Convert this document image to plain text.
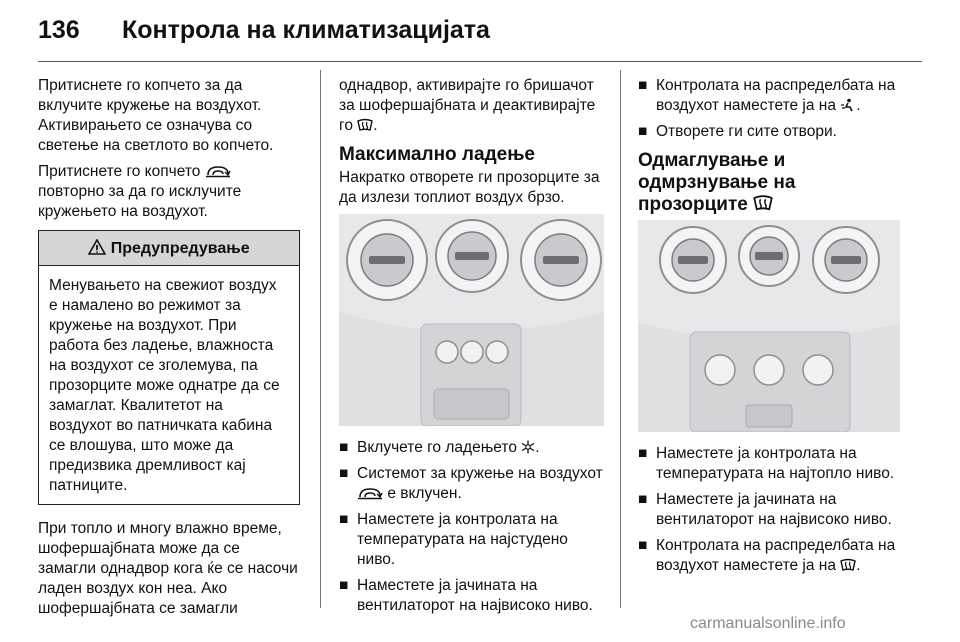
136 Контрола на климатизацијата

Притиснете го копчето за да вклучите кружење на воздухот. Активирањето се означува со светење на светлото во копчето.

Притиснете го копчето  повторно за да го исклучите кружењето на воздухот.

Предупредување
Менувањето на свежиот воздух е намалено во режимот за кружење на воздухот. При работа без ладење, влажноста на воздухот се зголемува, па прозорците може однатре да се замаглат. Квалитетот на воздухот во патничката кабина се влошува, што може да предизвика дремливост кај патниците.

При топло и многу влажно време, шофершајбната може да се замагли однадвор кога ќе се насочи ладен воздух кон неа. Ако шофершајбната се замагли

однадвор, активирајте го бришачот за шофершајбната и деактивирајте го .

Максимално ладење

Накратко отворете ги прозорците за да излези топлиот воздух брзо.

■ Вклучете го ладењето .
■ Системот за кружење на воздухот  е вклучен.
■ Наместете ја контролата на температурата на најстудено ниво.
■ Наместете ја јачината на вентилаторот на највисоко ниво.
■ Контролата на распределбата на воздухот наместете ја на .
■ Отворете ги сите отвори.
Одмаглување и одмрзнување на прозорците
■ Наместете ја контролата на температурата на најтопло ниво.
■ Наместете ја јачината на вентилаторот на највисоко ниво.
■ Контролата на распределбата на воздухот наместете ја на .
carmanualsonline.info
